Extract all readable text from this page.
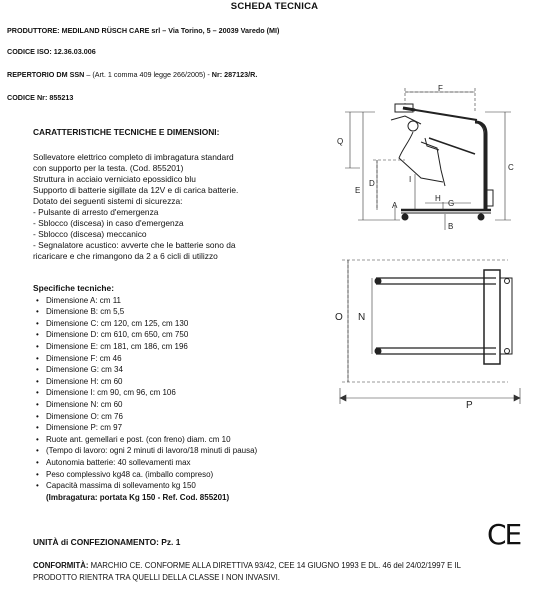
SCHEDA TECNICA
PRODUTTORE: MEDILAND RÜSCH CARE srl – Via Torino, 5 – 20039 Varedo (MI)
CODICE ISO: 12.36.03.006
REPERTORIO DM SSN – (Art. 1 comma 409 legge 266/2005) - Nr: 287123/R.
CODICE Nr: 855213
CARATTERISTICHE TECNICHE E DIMENSIONI:
Sollevatore elettrico completo di imbragatura standard
con supporto per la testa. (Cod. 855201)
Struttura in acciaio verniciato epossidico blu
Supporto di batterie sigillate da 12V e di carica batterie.
Dotato dei seguenti sistemi di sicurezza:
- Pulsante di arresto d'emergenza
- Sblocco (discesa) in caso d'emergenza
- Sblocco (discesa) meccanico
- Segnalatore acustico: avverte che le batterie sono da
ricaricare e che rimangono da 2 a 6 cicli di utilizzo
Specifiche tecniche:
• Dimensione A: cm 11
• Dimensione B: cm 5,5
• Dimensione C: cm 120, cm 125, cm 130
• Dimensione D: cm 610, cm 650, cm 750
• Dimensione E: cm 181, cm 186, cm 196
• Dimensione F: cm 46
• Dimensione G: cm 34
• Dimensione H: cm 60
• Dimensione I: cm 90, cm 96, cm 106
• Dimensione N: cm 60
• Dimensione O: cm 76
• Dimensione P: cm 97
• Ruote ant. gemellari e post. (con freno) diam. cm 10
• (Tempo di lavoro: ogni 2 minuti di lavoro/18 minuti di pausa)
• Autonomia batterie: 40 sollevamenti max
• Peso complessivo kg48 ca. (imballo compreso)
• Capacità massima di sollevamento kg 150
(Imbragatura: portata Kg 150 - Ref. Cod. 855201)
UNITÀ di CONFEZIONAMENTO: Pz. 1	CE
CONFORMITÀ: MARCHIO CE. CONFORME ALLA DIRETTIVA 93/42, CEE 14 GIUGNO 1993 E DL. 46 del 24/02/1997 E IL
PRODOTTO RIENTRA TRA QUELLI DELLA CLASSE I NON INVASIVI.
F
Q
E
D
C
I
H
A	G
B
O N
P
